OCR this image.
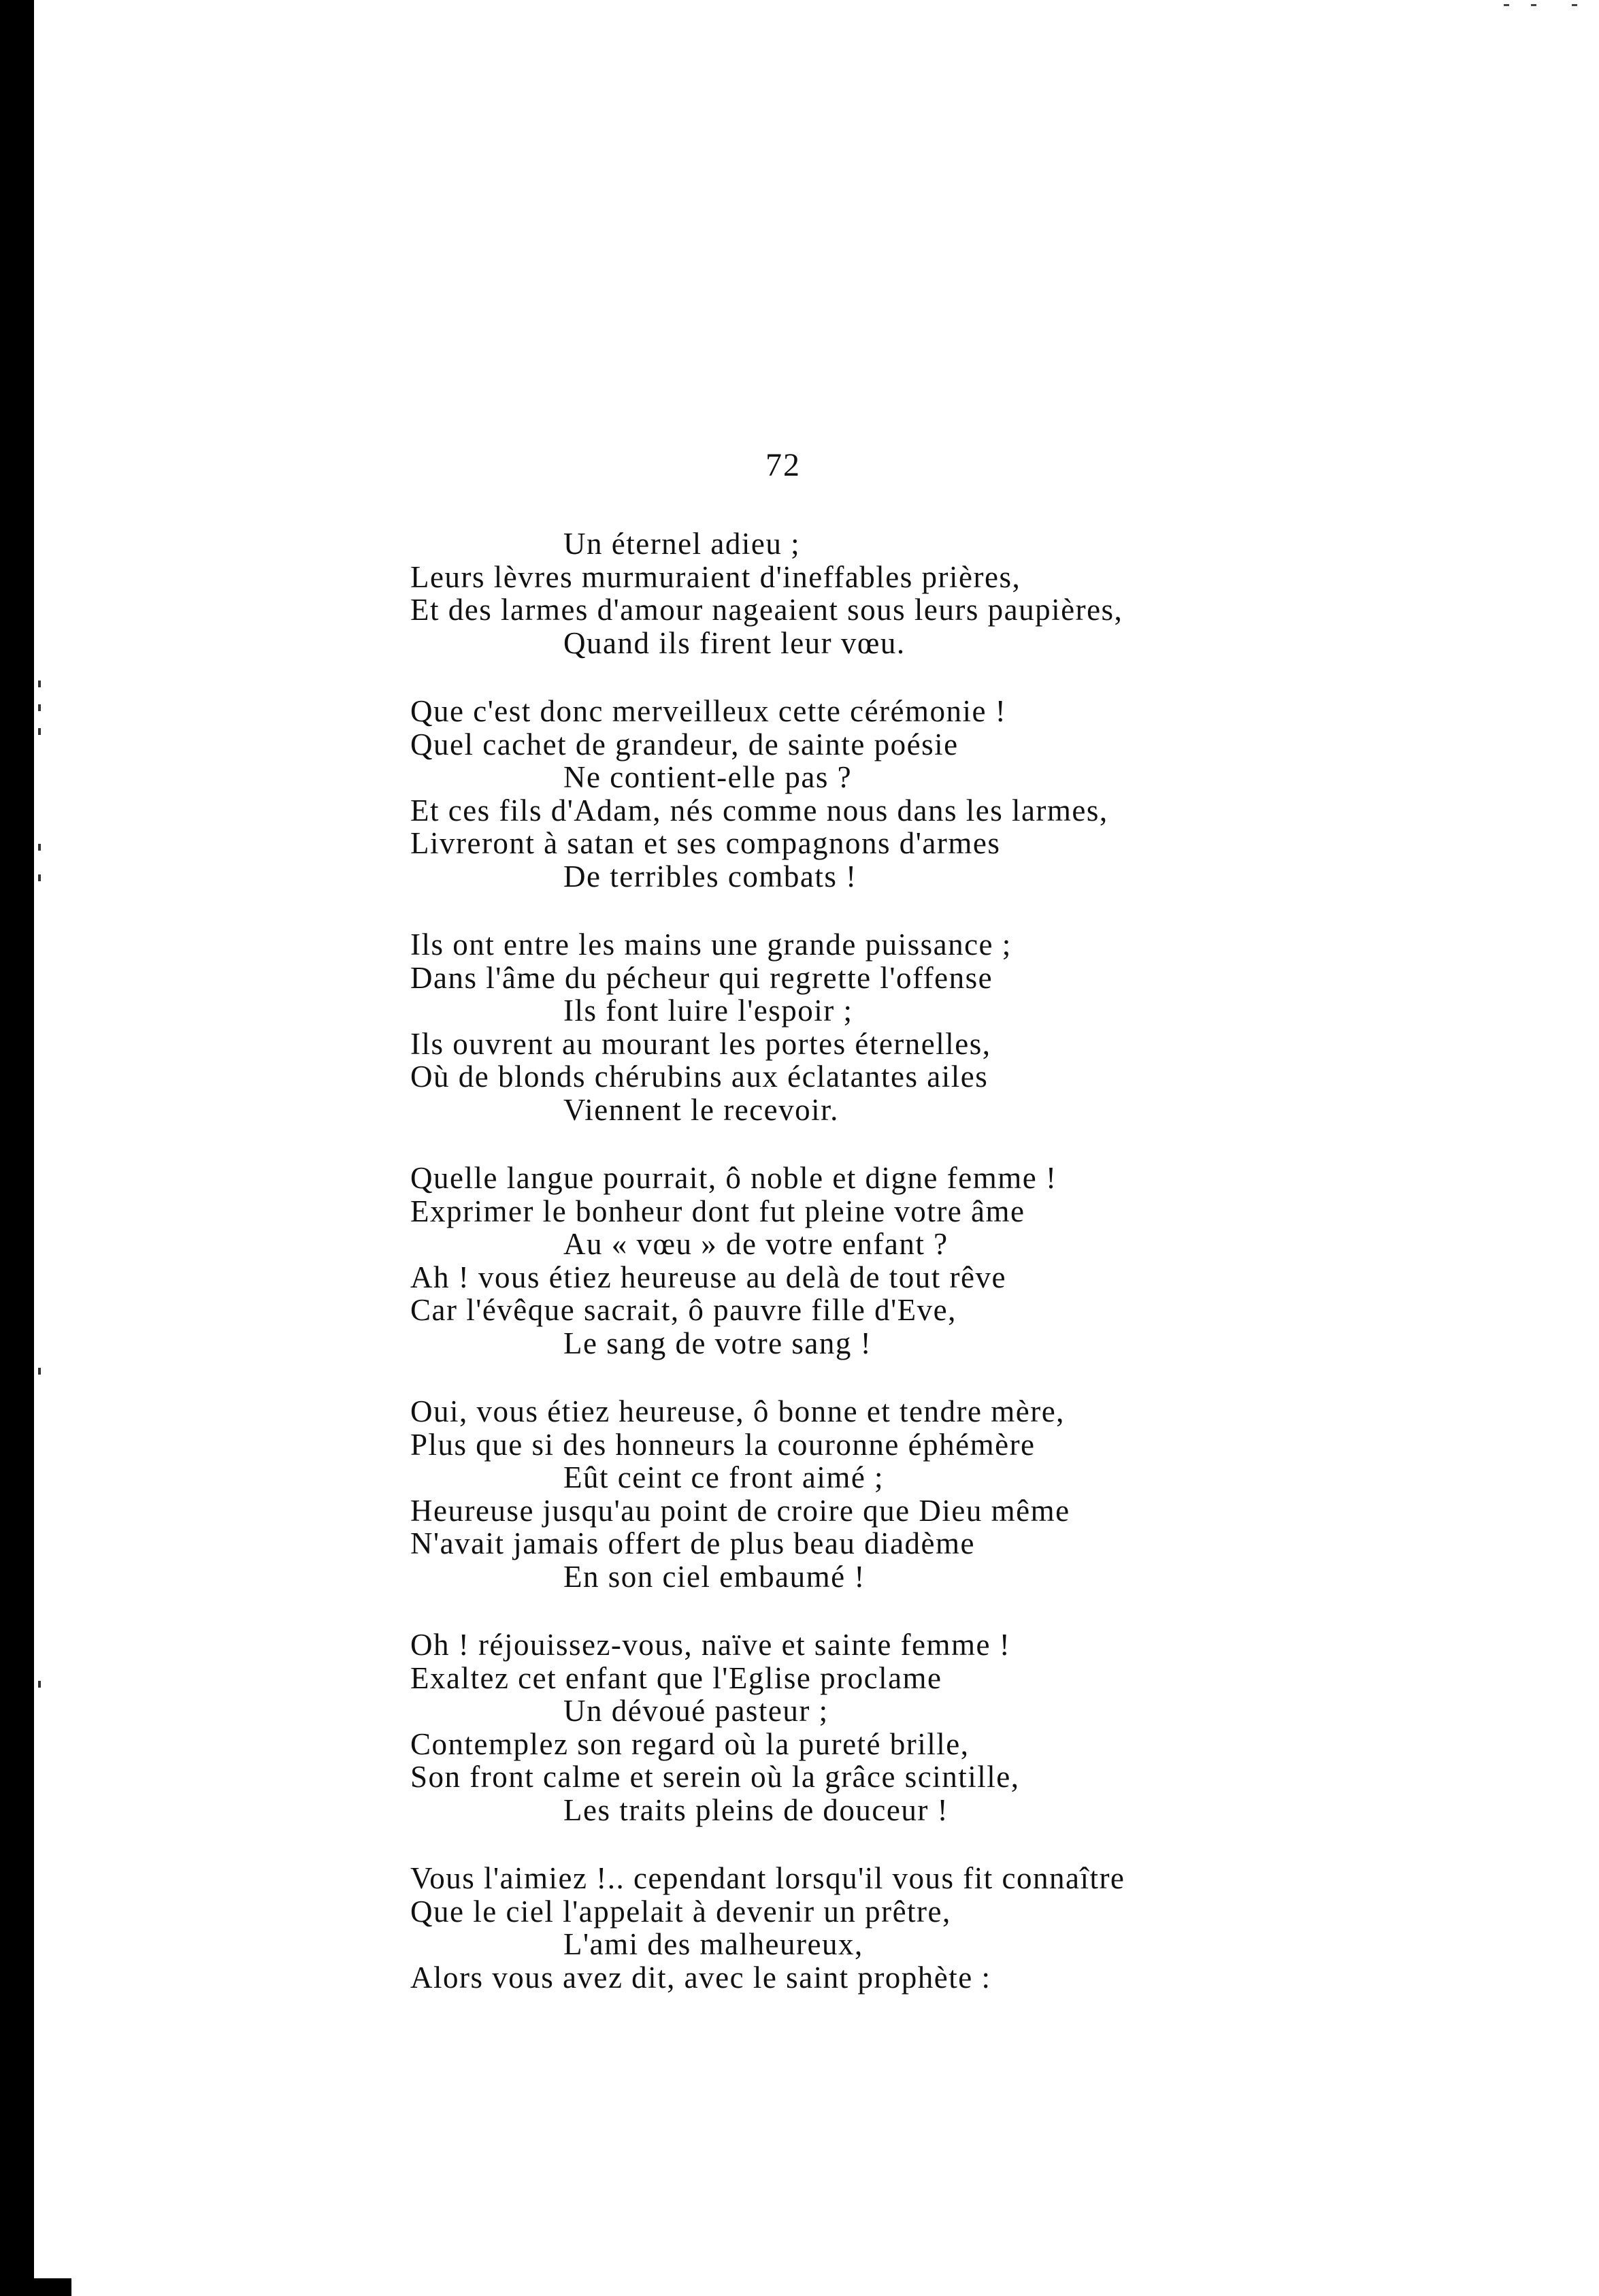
72
Un éternel adieu ;
Leurs lèvres murmuraient d'ineffables prières,
Et des larmes d'amour nageaient sous leurs paupières,
Quand ils firent leur vœu.
Que c'est donc merveilleux cette cérémonie !
Quel cachet de grandeur, de sainte poésie
Ne contient-elle pas ?
Et ces fils d'Adam, nés comme nous dans les larmes,
Livreront à satan et ses compagnons d'armes
De terribles combats !
Ils ont entre les mains une grande puissance ;
Dans l'âme du pécheur qui regrette l'offense
Ils font luire l'espoir ;
Ils ouvrent au mourant les portes éternelles,
Où de blonds chérubins aux éclatantes ailes
Viennent le recevoir.
Quelle langue pourrait, ô noble et digne femme !
Exprimer le bonheur dont fut pleine votre âme
Au « vœu » de votre enfant ?
Ah ! vous étiez heureuse au delà de tout rêve
Car l'évêque sacrait, ô pauvre fille d'Eve,
Le sang de votre sang !
Oui, vous étiez heureuse, ô bonne et tendre mère,
Plus que si des honneurs la couronne éphémère
Eût ceint ce front aimé ;
Heureuse jusqu'au point de croire que Dieu même
N'avait jamais offert de plus beau diadème
En son ciel embaumé !
Oh ! réjouissez-vous, naïve et sainte femme !
Exaltez cet enfant que l'Eglise proclame
Un dévoué pasteur ;
Contemplez son regard où la pureté brille,
Son front calme et serein où la grâce scintille,
Les traits pleins de douceur !
Vous l'aimiez !.. cependant lorsqu'il vous fit connaître
Que le ciel l'appelait à devenir un prêtre,
L'ami des malheureux,
Alors vous avez dit, avec le saint prophète :
